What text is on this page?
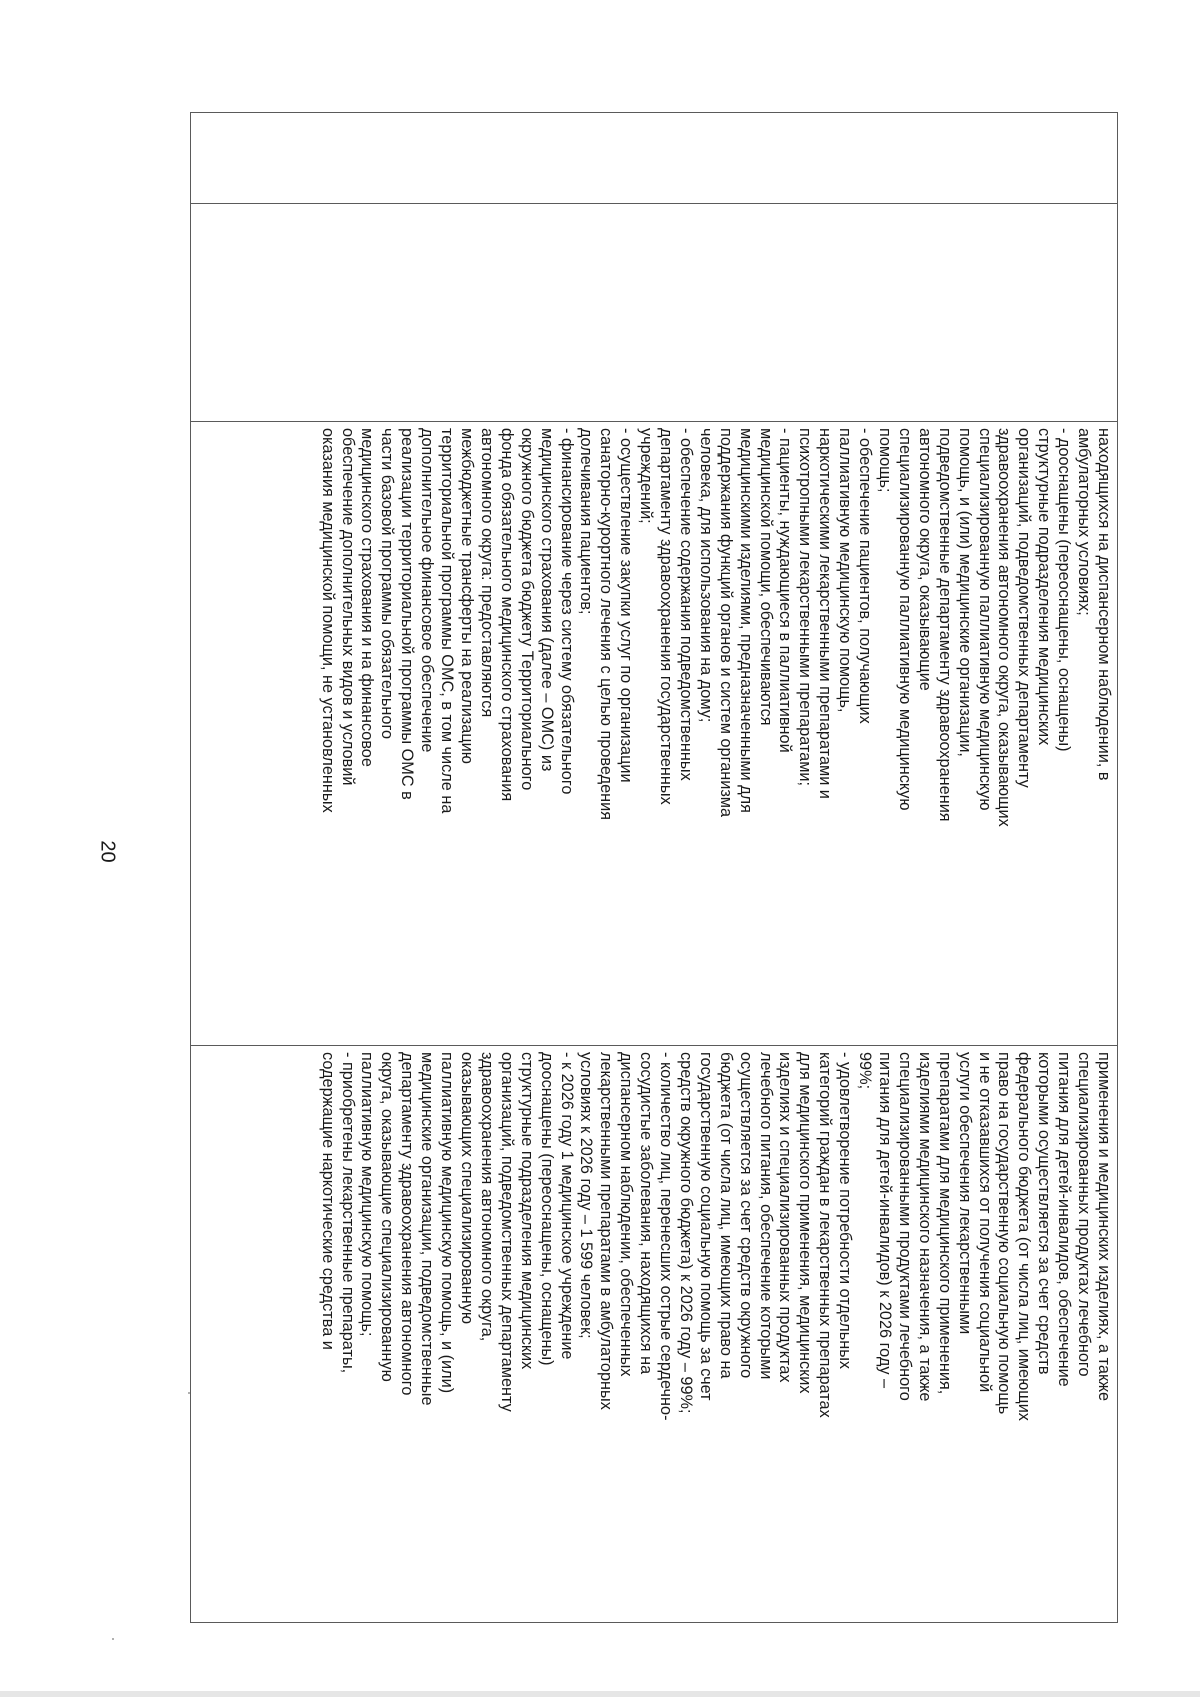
20

находящихся на диспансерном наблюдении, в
амбулаторных условиях;
- дооснащены (переоснащены, оснащены)
структурные подразделения медицинских
организаций, подведомственных департаменту
здравоохранения автономного округа, оказывающих
специализированную паллиативную медицинскую
помощь, и (или) медицинские организации,
подведомственные департаменту здравоохранения
автономного округа, оказывающие
специализированную паллиативную медицинскую
помощь;
- обеспечение пациентов, получающих
паллиативную медицинскую помощь,
наркотическими лекарственными препаратами и
психотропными лекарственными препаратами;
- пациенты, нуждающиеся в паллиативной
медицинской помощи, обеспечиваются
медицинскими изделиями, предназначенными для
поддержания функций органов и систем организма
человека, для использования на дому;
- обеспечение содержания подведомственных
департаменту здравоохранения государственных
учреждений;
- осуществление закупки услуг по организации
санаторно-курортного лечения с целью проведения
долечивания пациентов;
- финансирование через систему обязательного
медицинского страхования (далее – ОМС) из
окружного бюджета бюджету Территориального
фонда обязательного медицинского страхования
автономного округа: предоставляются
межбюджетные трансферты на реализацию
территориальной программы ОМС, в том числе на
дополнительное финансовое обеспечение
реализации территориальной программы ОМС в
части базовой программы обязательного
медицинского страхования и на финансовое
обеспечение дополнительных видов и условий
оказания медицинской помощи, не установленных

применения и медицинских изделиях, а также
специализированных продуктах лечебного
питания для детей-инвалидов, обеспечение
которыми осуществляется за счет средств
федерального бюджета (от числа лиц, имеющих
право на государственную социальную помощь
и не отказавшихся от получения социальной
услуги обеспечения лекарственными
препаратами для медицинского применения,
изделиями медицинского назначения, а также
специализированными продуктами лечебного
питания для детей-инвалидов) к 2026 году –
99%;
- удовлетворение потребности отдельных
категорий граждан в лекарственных препаратах
для медицинского применения, медицинских
изделиях и специализированных продуктах
лечебного питания, обеспечение которыми
осуществляется за счет средств окружного
бюджета (от числа лиц, имеющих право на
государственную социальную помощь за счет
средств окружного бюджета) к 2026 году – 99%;
- количество лиц, перенесших острые сердечно-
сосудистые заболевания, находящихся на
диспансерном наблюдении, обеспеченных
лекарственными препаратами в амбулаторных
условиях к 2026 году – 1 599 человек;
- к 2026 году 1 медицинское учреждение
дооснащены (переоснащены, оснащены)
структурные подразделения медицинских
организаций, подведомственных департаменту
здравоохранения автономного округа,
оказывающих специализированную
паллиативную медицинскую помощь, и (или)
медицинские организации, подведомственные
департаменту здравоохранения автономного
округа, оказывающие специализированную
паллиативную медицинскую помощь;
- приобретены лекарственные препараты,
содержащие наркотические средства и
